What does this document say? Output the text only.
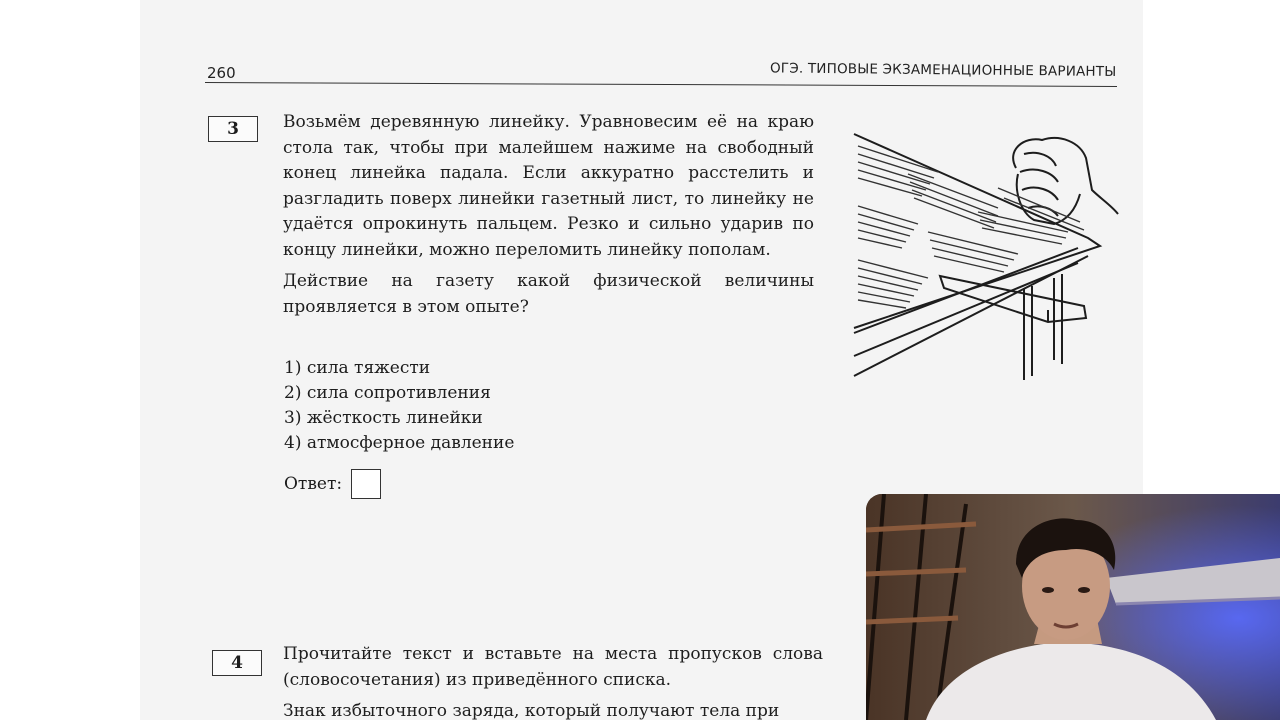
260	ОГЭ. ТИПОВЫЕ ЭКЗАМЕНАЦИОННЫЕ ВАРИАНТЫ
3	Возьмём деревянную линейку. Уравновесим её на краю стола так, чтобы при малейшем нажиме на свободный конец линейка падала. Если аккуратно расстелить и разгладить поверх линейки газетный лист, то линейку не удаётся опрокинуть пальцем. Резко и сильно ударив по концу линейки, можно переломить линейку пополам.

Действие на газету какой физической величины проявляется в этом опыте?

1) сила тяжести
2) сила сопротивления
3) жёсткость линейки
4) атмосферное давление
Ответ:
4	Прочитайте текст и вставьте на места пропусков слова (словосочетания) из приведённого списка.

Знак избыточного заряда, который получают тела при
